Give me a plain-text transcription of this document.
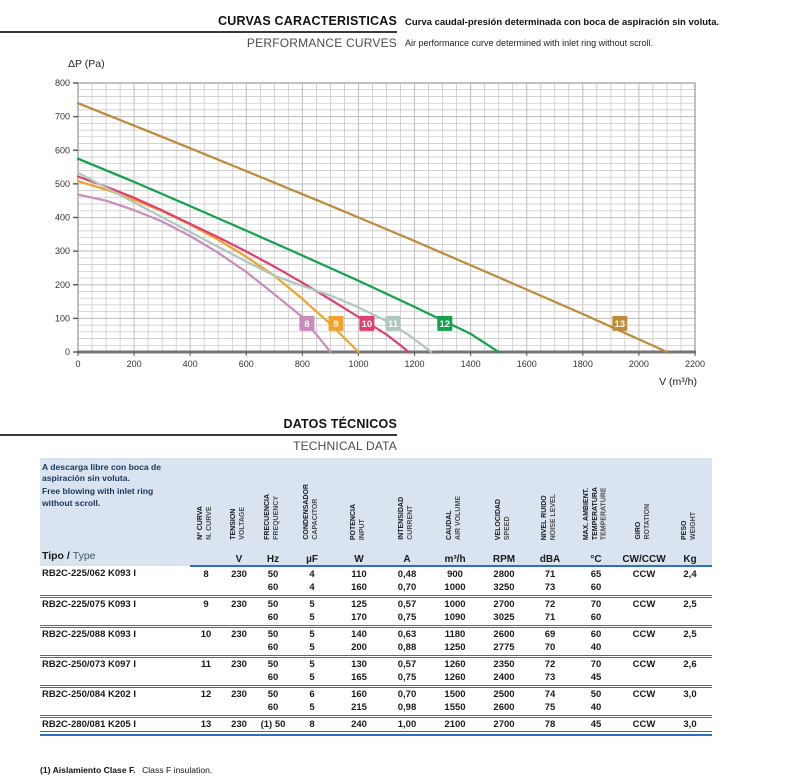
CURVAS CARACTERISTICAS
PERFORMANCE CURVES
Curva caudal-presión determinada con boca de aspiración sin voluta.
Air performance curve determined with inlet ring without scroll.
0	200	400	600	800	1000	1200	1400	1600	1800	2000	2200
0
100
200
300
400
500
600
700
800
8	9 10 11	12	13
ΔP (Pa)
V (m³/h)
DATOS TÉCNICOS
TECHNICAL DATA
A descarga libre con boca de aspiración sin voluta.
Free blowing with inlet ring without scroll.
Tipo / Type

Nº CURVA N. CURVE	TENSION VOLTAGE	FRECUENCIA FREQUENCY	CONDENSADOR CAPACITOR	POTENCIA INPUT	INTENSIDAD CURRENT	CAUDAL AIR VOLUME	VELOCIDAD SPEED	NIVEL RUIDO NOISE LEVEL	MAX. AMBIENT. TEMPERATURA TEMPERATURE	GIRO ROTATION	PESO WEIGHT

		V	Hz	µF	W	A	m³/h	RPM	dBA	°C	CW/CCW	Kg
RB2C-225/062 K093 I	8	230	50	4	110	0,48	900	2800	71	65	CCW	2,4
			60	4	160	0,70	1000	3250	73	60		
RB2C-225/075 K093 I	9	230	50	5	125	0,57	1000	2700	72	70	CCW	2,5
			60	5	170	0,75	1090	3025	71	60		
RB2C-225/088 K093 I	10	230	50	5	140	0,63	1180	2600	69	60	CCW	2,5
			60	5	200	0,88	1250	2775	70	40		
RB2C-250/073 K097 I	11	230	50	5	130	0,57	1260	2350	72	70	CCW	2,6
			60	5	165	0,75	1260	2400	73	45		
RB2C-250/084 K202 I	12	230	50	6	160	0,70	1500	2500	74	50	CCW	3,0
			60	5	215	0,98	1550	2600	75	40		
RB2C-280/081 K205 I	13	230	(1) 50	8	240	1,00	2100	2700	78	45	CCW	3,0
(1) Aislamiento Clase F. Class F insulation.
